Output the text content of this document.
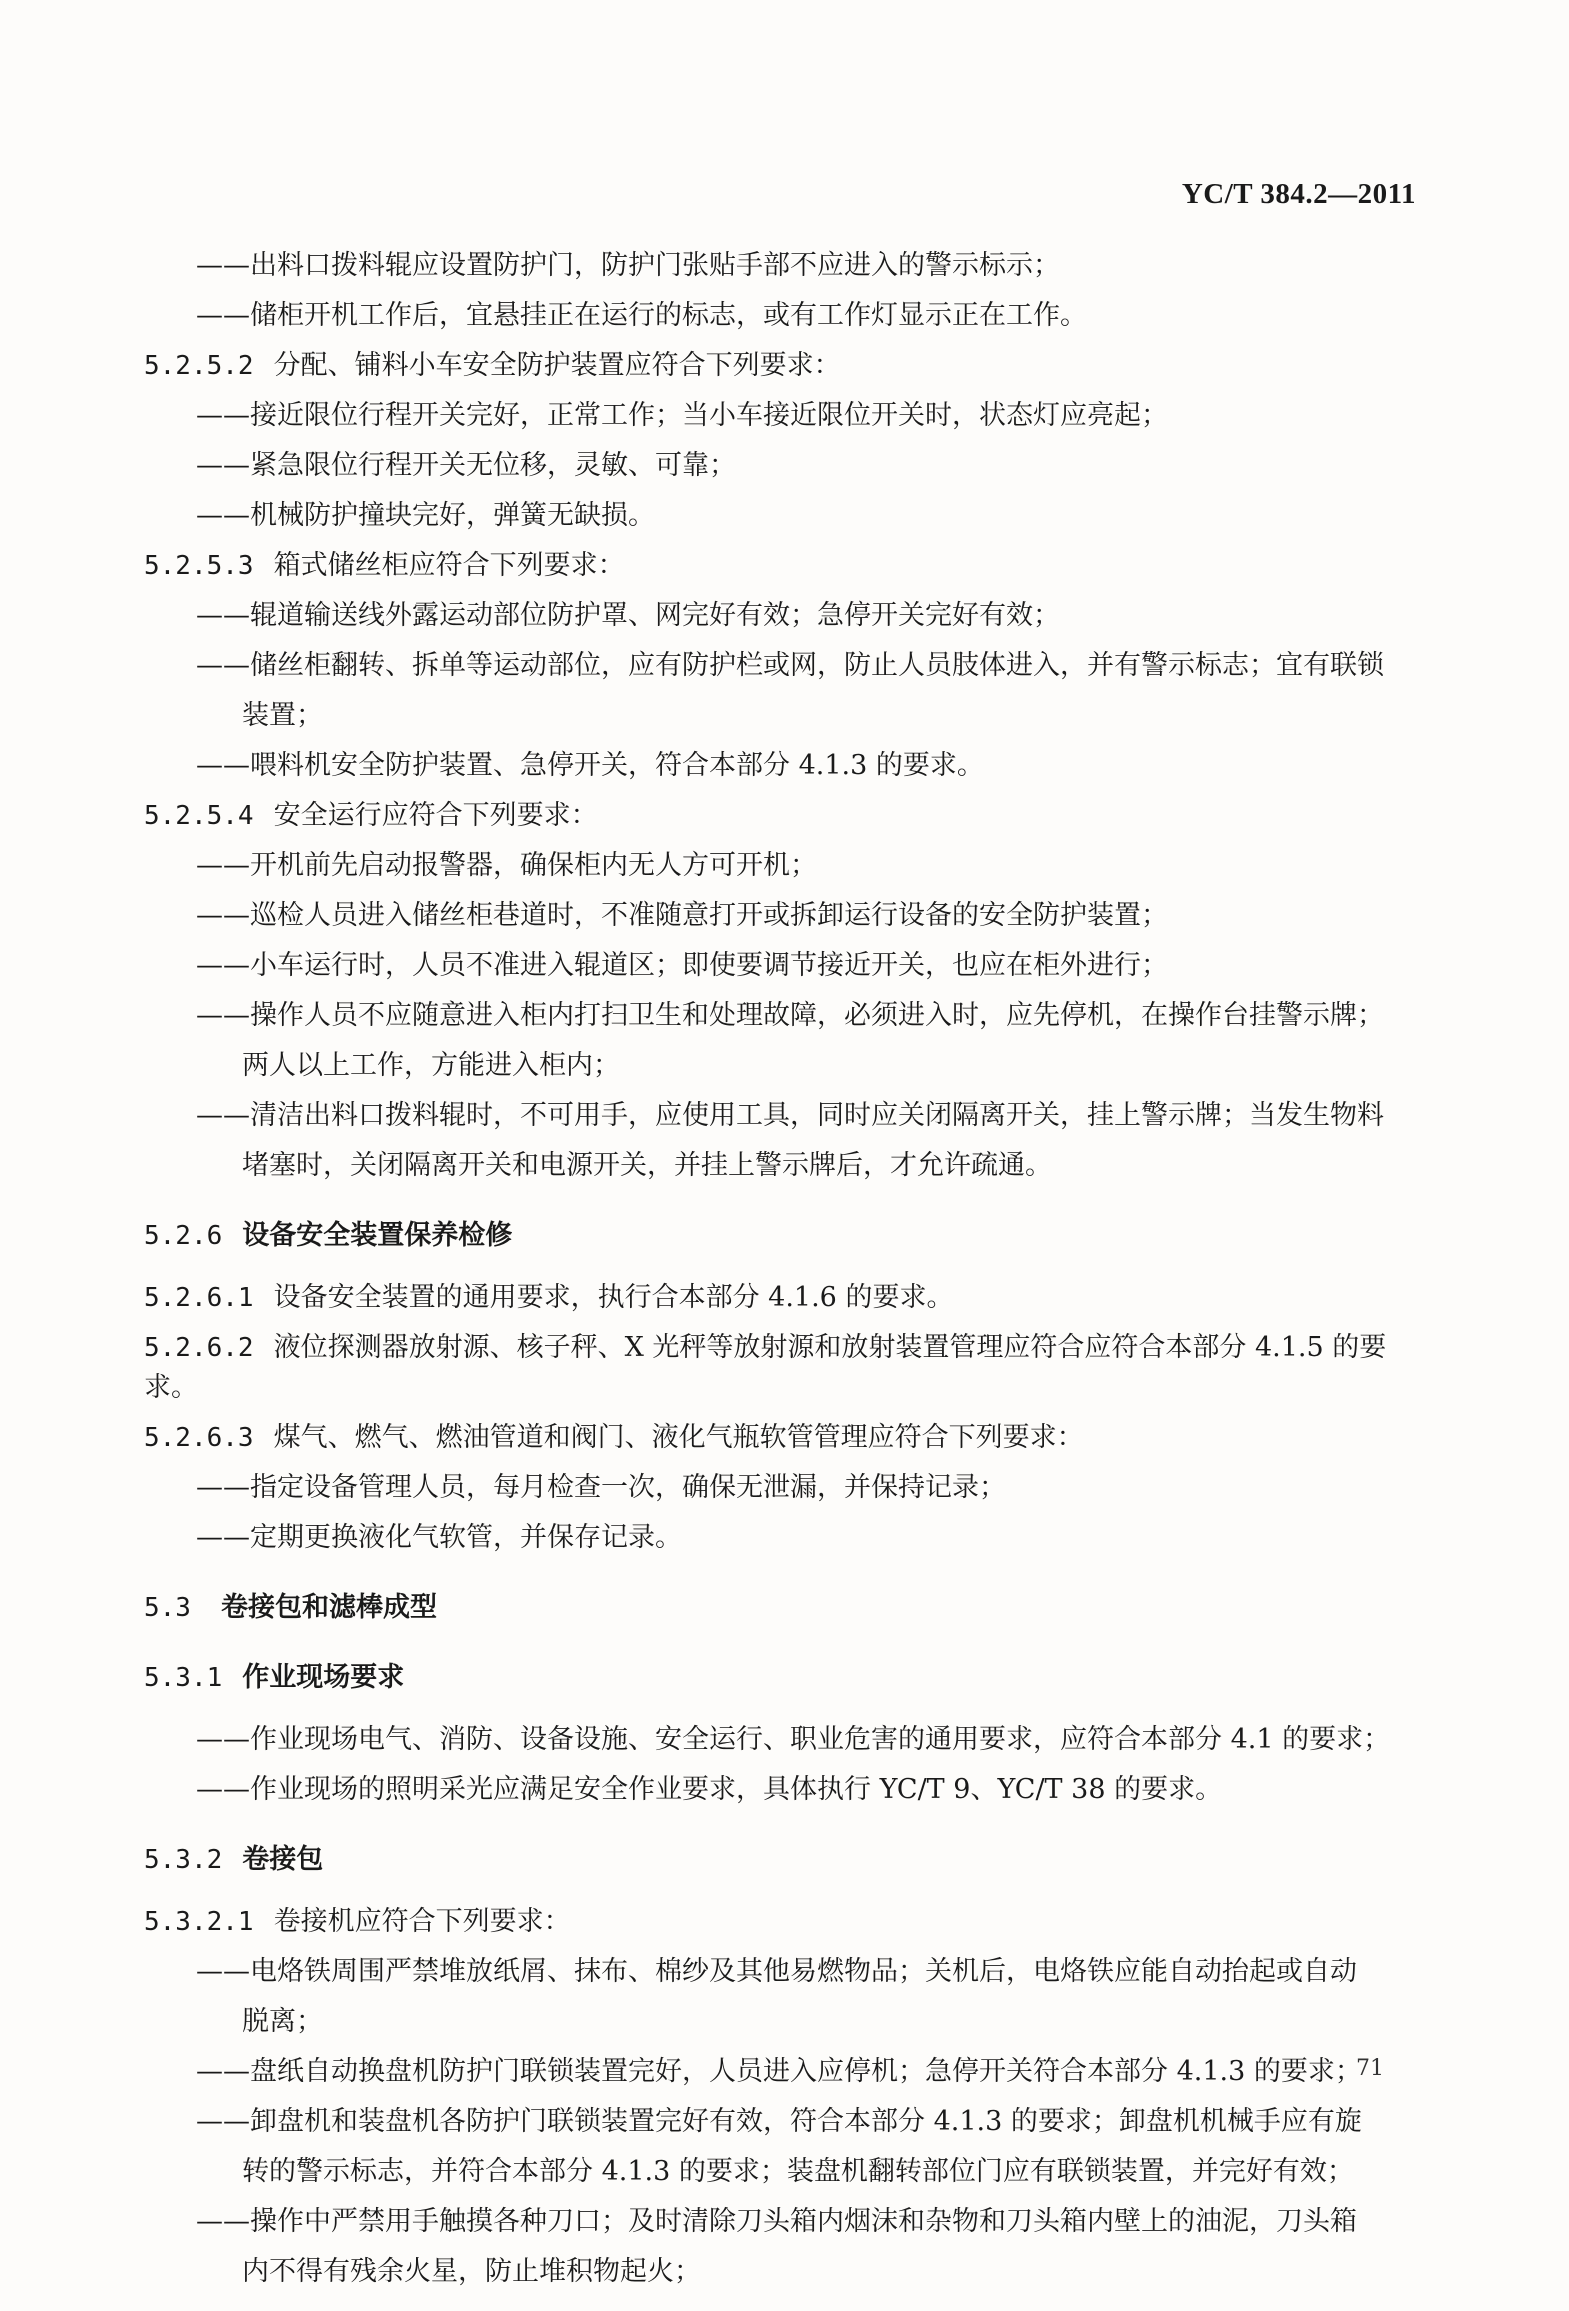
YC/T 384.2—2011
——出料口拨料辊应设置防护门，防护门张贴手部不应进入的警示标示；
——储柜开机工作后，宜悬挂正在运行的标志，或有工作灯显示正在工作。
5.2.5.2 分配、铺料小车安全防护装置应符合下列要求：
——接近限位行程开关完好，正常工作；当小车接近限位开关时，状态灯应亮起；
——紧急限位行程开关无位移，灵敏、可靠；
——机械防护撞块完好，弹簧无缺损。
5.2.5.3 箱式储丝柜应符合下列要求：
——辊道输送线外露运动部位防护罩、网完好有效；急停开关完好有效；
——储丝柜翻转、拆单等运动部位，应有防护栏或网，防止人员肢体进入，并有警示标志；宜有联锁
装置；
——喂料机安全防护装置、急停开关，符合本部分 4.1.3 的要求。
5.2.5.4 安全运行应符合下列要求：
——开机前先启动报警器，确保柜内无人方可开机；
——巡检人员进入储丝柜巷道时，不准随意打开或拆卸运行设备的安全防护装置；
——小车运行时，人员不准进入辊道区；即使要调节接近开关，也应在柜外进行；
——操作人员不应随意进入柜内打扫卫生和处理故障，必须进入时，应先停机，在操作台挂警示牌；
两人以上工作，方能进入柜内；
——清洁出料口拨料辊时，不可用手，应使用工具，同时应关闭隔离开关，挂上警示牌；当发生物料
堵塞时，关闭隔离开关和电源开关，并挂上警示牌后，才允许疏通。
5.2.6 设备安全装置保养检修
5.2.6.1 设备安全装置的通用要求，执行合本部分 4.1.6 的要求。
5.2.6.2 液位探测器放射源、核子秤、X 光秤等放射源和放射装置管理应符合应符合本部分 4.1.5 的要求。
5.2.6.3 煤气、燃气、燃油管道和阀门、液化气瓶软管管理应符合下列要求：
——指定设备管理人员，每月检查一次，确保无泄漏，并保持记录；
——定期更换液化气软管，并保存记录。
5.3 卷接包和滤棒成型
5.3.1 作业现场要求
——作业现场电气、消防、设备设施、安全运行、职业危害的通用要求，应符合本部分 4.1 的要求；
——作业现场的照明采光应满足安全作业要求，具体执行 YC/T 9、YC/T 38 的要求。
5.3.2 卷接包
5.3.2.1 卷接机应符合下列要求：
——电烙铁周围严禁堆放纸屑、抹布、棉纱及其他易燃物品；关机后，电烙铁应能自动抬起或自动
脱离；
——盘纸自动换盘机防护门联锁装置完好，人员进入应停机；急停开关符合本部分 4.1.3 的要求；
——卸盘机和装盘机各防护门联锁装置完好有效，符合本部分 4.1.3 的要求；卸盘机机械手应有旋
转的警示标志，并符合本部分 4.1.3 的要求；装盘机翻转部位门应有联锁装置，并完好有效；
——操作中严禁用手触摸各种刀口；及时清除刀头箱内烟沫和杂物和刀头箱内壁上的油泥，刀头箱
内不得有残余火星，防止堆积物起火；
71
